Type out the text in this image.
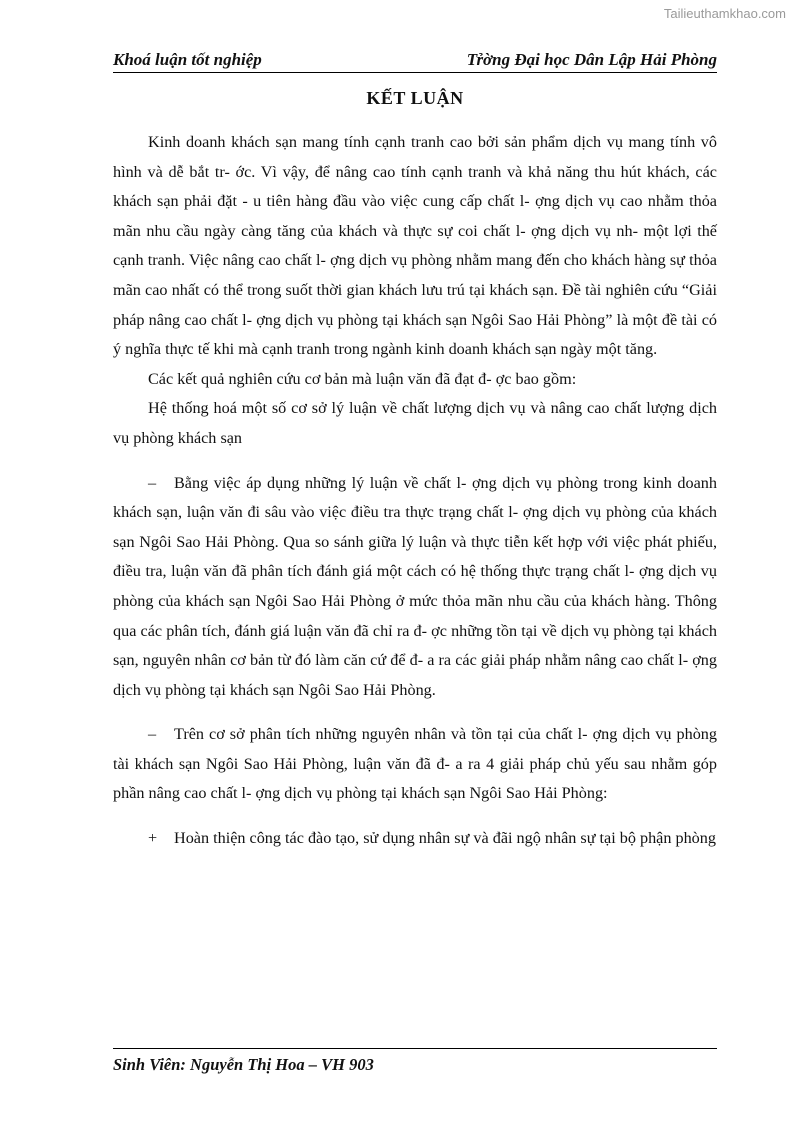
Tailieuthamkhao.com
Khoá luận tốt nghiệp	Tr̉ờng Đại học Dân Lập Hải Phòng
KẾT LUẬN

Kinh doanh khách sạn mang tính cạnh tranh cao bởi sản phẩm dịch vụ mang tính vô hình và dễ bắt tr- ớc. Vì vậy, để nâng cao tính cạnh tranh và khả năng thu hút khách, các khách sạn phải đặt - u tiên hàng đầu vào việc cung cấp chất l- ợng dịch vụ cao nhằm thỏa mãn nhu cầu ngày càng tăng của khách và thực sự coi chất l- ợng dịch vụ nh- một lợi thế cạnh tranh. Việc nâng cao chất l- ợng dịch vụ phòng nhằm mang đến cho khách hàng sự thỏa mãn cao nhất có thể trong suốt thời gian khách lưu trú tại khách sạn. Đề tài nghiên cứu “Giải pháp nâng cao chất l- ợng dịch vụ phòng tại khách sạn Ngôi Sao Hải Phòng” là một đề tài có ý nghĩa thực tế khi mà cạnh tranh trong ngành kinh doanh khách sạn ngày một tăng.

Các kết quả nghiên cứu cơ bản mà luận văn đã đạt đ- ợc bao gồm:

Hệ thống hoá một số cơ sở lý luận về chất lượng dịch vụ và nâng cao chất lượng dịch vụ phòng khách sạn

– Bằng việc áp dụng những lý luận về chất l- ợng dịch vụ phòng trong kinh doanh khách sạn, luận văn đi sâu vào việc điều tra thực trạng chất l- ợng dịch vụ phòng của khách sạn Ngôi Sao Hải Phòng. Qua so sánh giữa lý luận và thực tiễn kết hợp với việc phát phiếu, điều tra, luận văn đã phân tích đánh giá một cách có hệ thống thực trạng chất l- ợng dịch vụ phòng của khách sạn Ngôi Sao Hải Phòng ở mức thỏa mãn nhu cầu của khách hàng. Thông qua các phân tích, đánh giá luận văn đã chỉ ra đ- ợc những tồn tại về dịch vụ phòng tại khách sạn, nguyên nhân cơ bản từ đó làm căn cứ để đ- a ra các giải pháp nhằm nâng cao chất l- ợng dịch vụ phòng tại khách sạn Ngôi Sao Hải Phòng.

– Trên cơ sở phân tích những nguyên nhân và tồn tại của chất l- ợng dịch vụ phòng tài khách sạn Ngôi Sao Hải Phòng, luận văn đã đ- a ra 4 giải pháp chủ yếu sau nhằm góp phần nâng cao chất l- ợng dịch vụ phòng tại khách sạn Ngôi Sao Hải Phòng:

+ Hoàn thiện công tác đào tạo, sử dụng nhân sự và đãi ngộ nhân sự tại bộ phận phòng

Sinh Viên: Nguyễn Thị Hoa – VH 903
